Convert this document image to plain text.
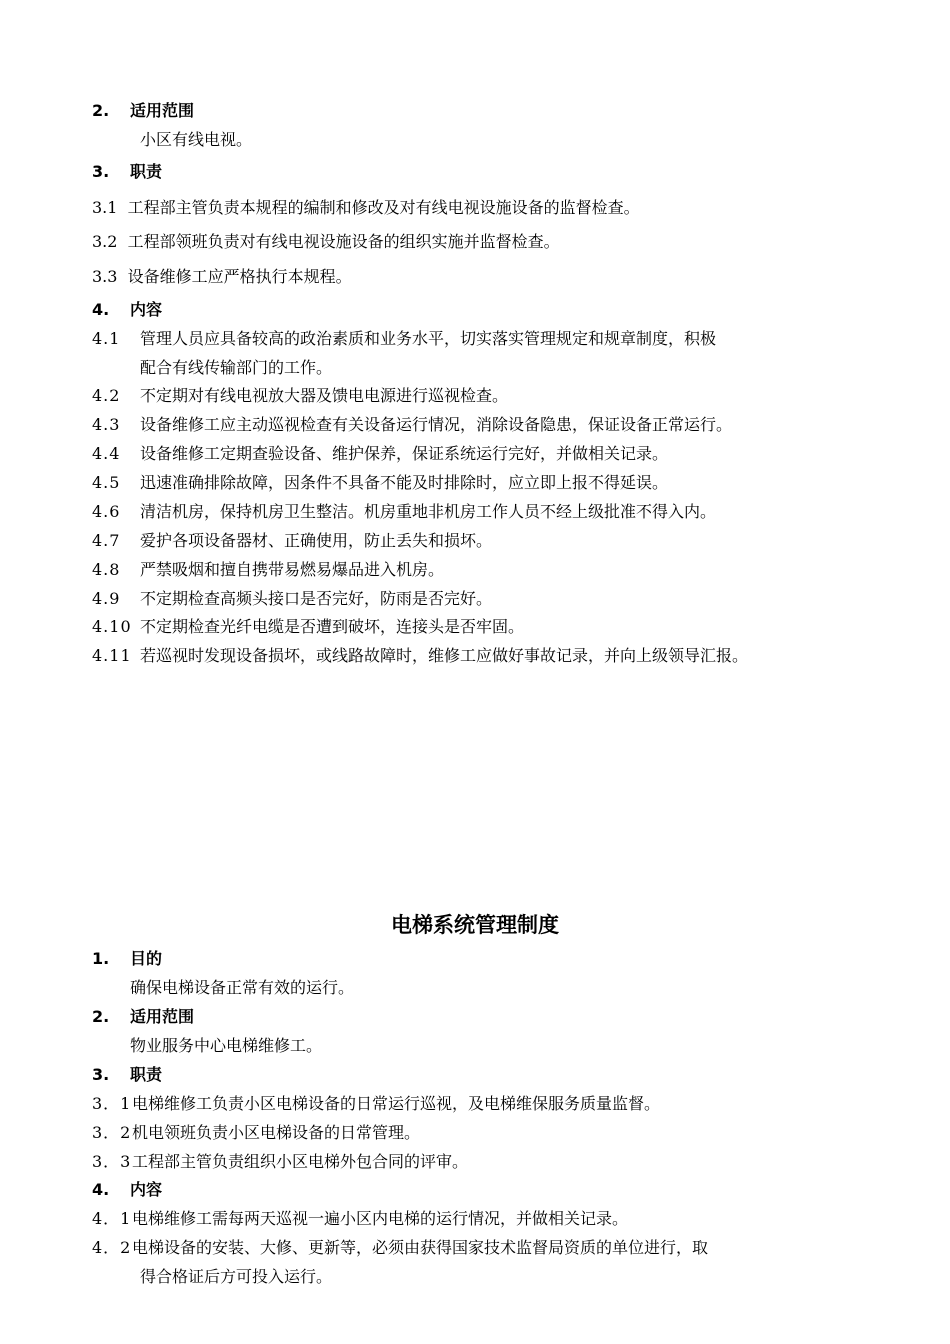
2. 适用范围
小区有线电视。
3. 职责
3.1 工程部主管负责本规程的编制和修改及对有线电视设施设备的监督检查。
3.2 工程部领班负责对有线电视设施设备的组织实施并监督检查。
3.3 设备维修工应严格执行本规程。
4. 内容
4.1 管理人员应具备较高的政治素质和业务水平，切实落实管理规定和规章制度，积极
配合有线传输部门的工作。
4.2 不定期对有线电视放大器及馈电电源进行巡视检查。
4.3 设备维修工应主动巡视检查有关设备运行情况，消除设备隐患，保证设备正常运行。
4.4 设备维修工定期查验设备、维护保养，保证系统运行完好，并做相关记录。
4.5 迅速准确排除故障，因条件不具备不能及时排除时，应立即上报不得延误。
4.6 清洁机房，保持机房卫生整洁。机房重地非机房工作人员不经上级批准不得入内。
4.7 爱护各项设备器材、正确使用，防止丢失和损坏。
4.8 严禁吸烟和擅自携带易燃易爆品进入机房。
4.9 不定期检查高频头接口是否完好，防雨是否完好。
4.10 不定期检查光纤电缆是否遭到破坏，连接头是否牢固。
4.11 若巡视时发现设备损坏，或线路故障时，维修工应做好事故记录，并向上级领导汇报。
电梯系统管理制度
1. 目的
确保电梯设备正常有效的运行。
2. 适用范围
物业服务中心电梯维修工。
3. 职责
3．1电梯维修工负责小区电梯设备的日常运行巡视，及电梯维保服务质量监督。
3．2机电领班负责小区电梯设备的日常管理。
3．3工程部主管负责组织小区电梯外包合同的评审。
4. 内容
4．1电梯维修工需每两天巡视一遍小区内电梯的运行情况，并做相关记录。
4．2电梯设备的安装、大修、更新等，必须由获得国家技术监督局资质的单位进行，取
得合格证后方可投入运行。
